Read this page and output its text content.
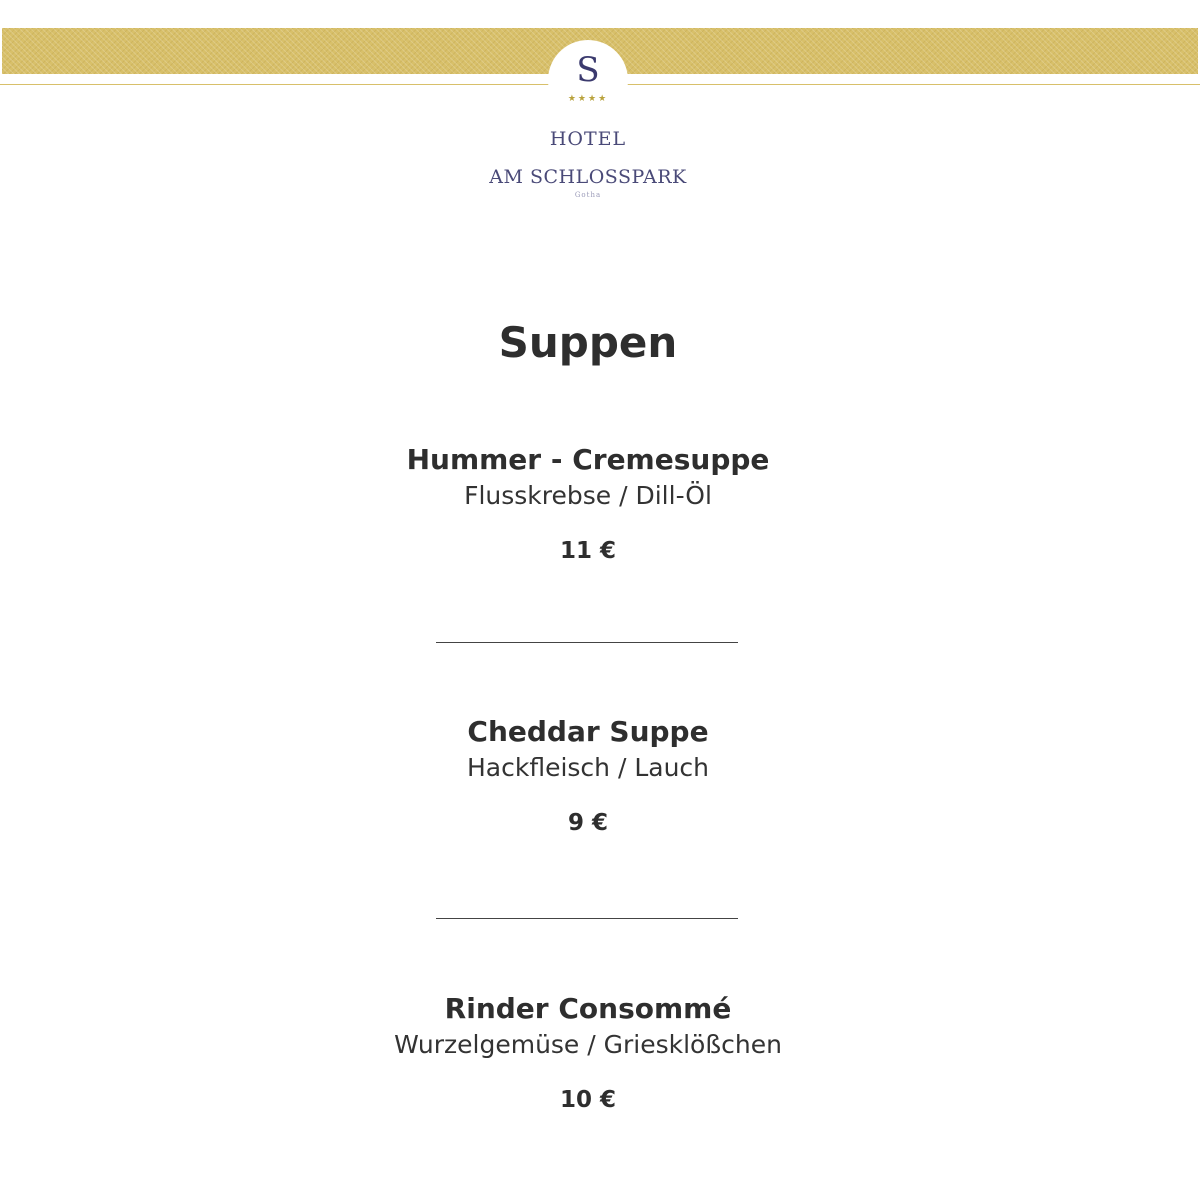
S
★★★★
HOTEL
AM SCHLOSSPARK
Gotha
Suppen
Hummer - Cremesuppe
Flusskrebse / Dill-Öl
11 €
Cheddar Suppe
Hackfleisch / Lauch
9 €
Rinder Consommé
Wurzelgemüse / Griesklößchen
10 €
